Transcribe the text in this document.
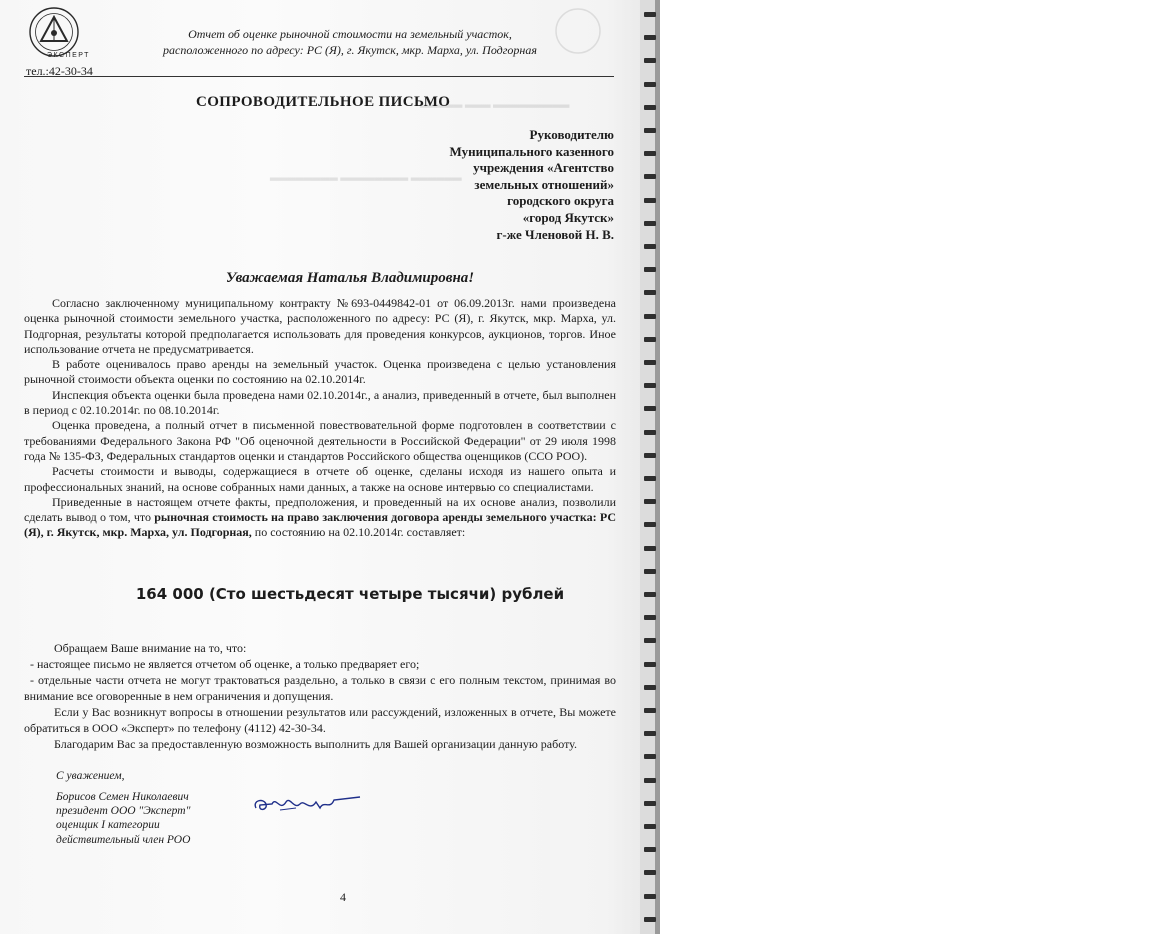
▂▂▂▂▂ ▂▂▂ ▂▂▂▂▂▂▂▂▂
▂▂▂▂▂▂▂▂ ▂▂▂▂▂▂▂▂ ▂▂▂▂▂▂
ЭКСПЕРТ
тел.:42-30-34
Отчет об оценке рыночной стоимости на земельный участок,
расположенного по адресу: РС (Я), г. Якутск, мкр. Марха, ул. Подгорная
СОПРОВОДИТЕЛЬНОЕ ПИСЬМО
Руководителю
Муниципального казенного
учреждения «Агентство
земельных отношений»
городского округа
«город Якутск»
г-же Члeновой Н. В.
Уважаемая Наталья Владимировна!

Согласно заключенному муниципальному контракту №693-0449842-01 от 06.09.2013г. нами произведена оценка рыночной стоимости земельного участка, расположенного по адресу: РС (Я), г. Якутск, мкр. Марха, ул. Подгорная, результаты которой предполагается использовать для проведения конкурсов, аукционов, торгов. Иное использование отчета не предусматривается.

В работе оценивалось право аренды на земельный участок. Оценка произведена с целью установления рыночной стоимости объекта оценки по состоянию на 02.10.2014г.

Инспекция объекта оценки была проведена нами 02.10.2014г., а анализ, приведенный в отчете, был выполнен в период с 02.10.2014г. по 08.10.2014г.

Оценка проведена, а полный отчет в письменной повествовательной форме подготовлен в соответствии с требованиями Федерального Закона РФ "Об оценочной деятельности в Российской Федерации" от 29 июля 1998 года № 135-ФЗ, Федеральных стандартов оценки и стандартов Российского общества оценщиков (ССО РОО).

Расчеты стоимости и выводы, содержащиеся в отчете об оценке, сделаны исходя из нашего опыта и профессиональных знаний, на основе собранных нами данных, а также на основе интервью со специалистами.

Приведенные в настоящем отчете факты, предположения, и проведенный на их основе анализ, позволили сделать вывод о том, что рыночная стоимость на право заключения договора аренды земельного участка: РС (Я), г. Якутск, мкр. Марха, ул. Подгорная, по состоянию на 02.10.2014г. составляет:

164 000 (Сто шестьдесят четыре тысячи) рублей

Обращаем Ваше внимание на то, что:

- настоящее письмо не является отчетом об оценке, а только предваряет его;

- отдельные части отчета не могут трактоваться раздельно, а только в связи с его полным текстом, принимая во внимание все оговоренные в нем ограничения и допущения.

Если у Вас возникнут вопросы в отношении результатов или рассуждений, изложенных в отчете, Вы можете обратиться в ООО «Эксперт» по телефону (4112) 42-30-34.

Благодарим Вас за предоставленную возможность выполнить для Вашей организации данную работу.

С уважением,
Борисов Семен Николаевич
президент ООО "Эксперт"
оценщик I категории
действительный член РОО
4
